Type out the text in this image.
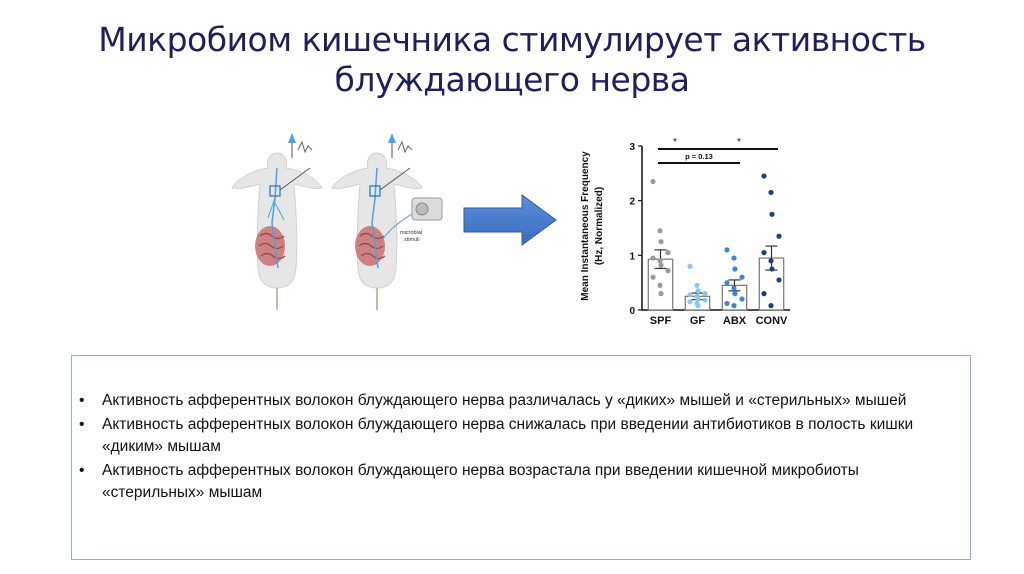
Микробиом кишечника стимулирует активность
блуждающего нерва
microbial
stimuli	Mean Instantaneous Frequency (Hz, Normalized)
*	*
p = 0.13
0
1
2
3
SPF GF ABX CONV
• Активность афферентных волокон блуждающего нерва различалась у «диких» мышей и «стерильных» мышей
• Активность афферентных волокон блуждающего нерва снижалась при введении антибиотиков в полость кишки «диким» мышам
• Активность афферентных волокон блуждающего нерва возрастала при введении кишечной микробиоты «стерильных» мышам
